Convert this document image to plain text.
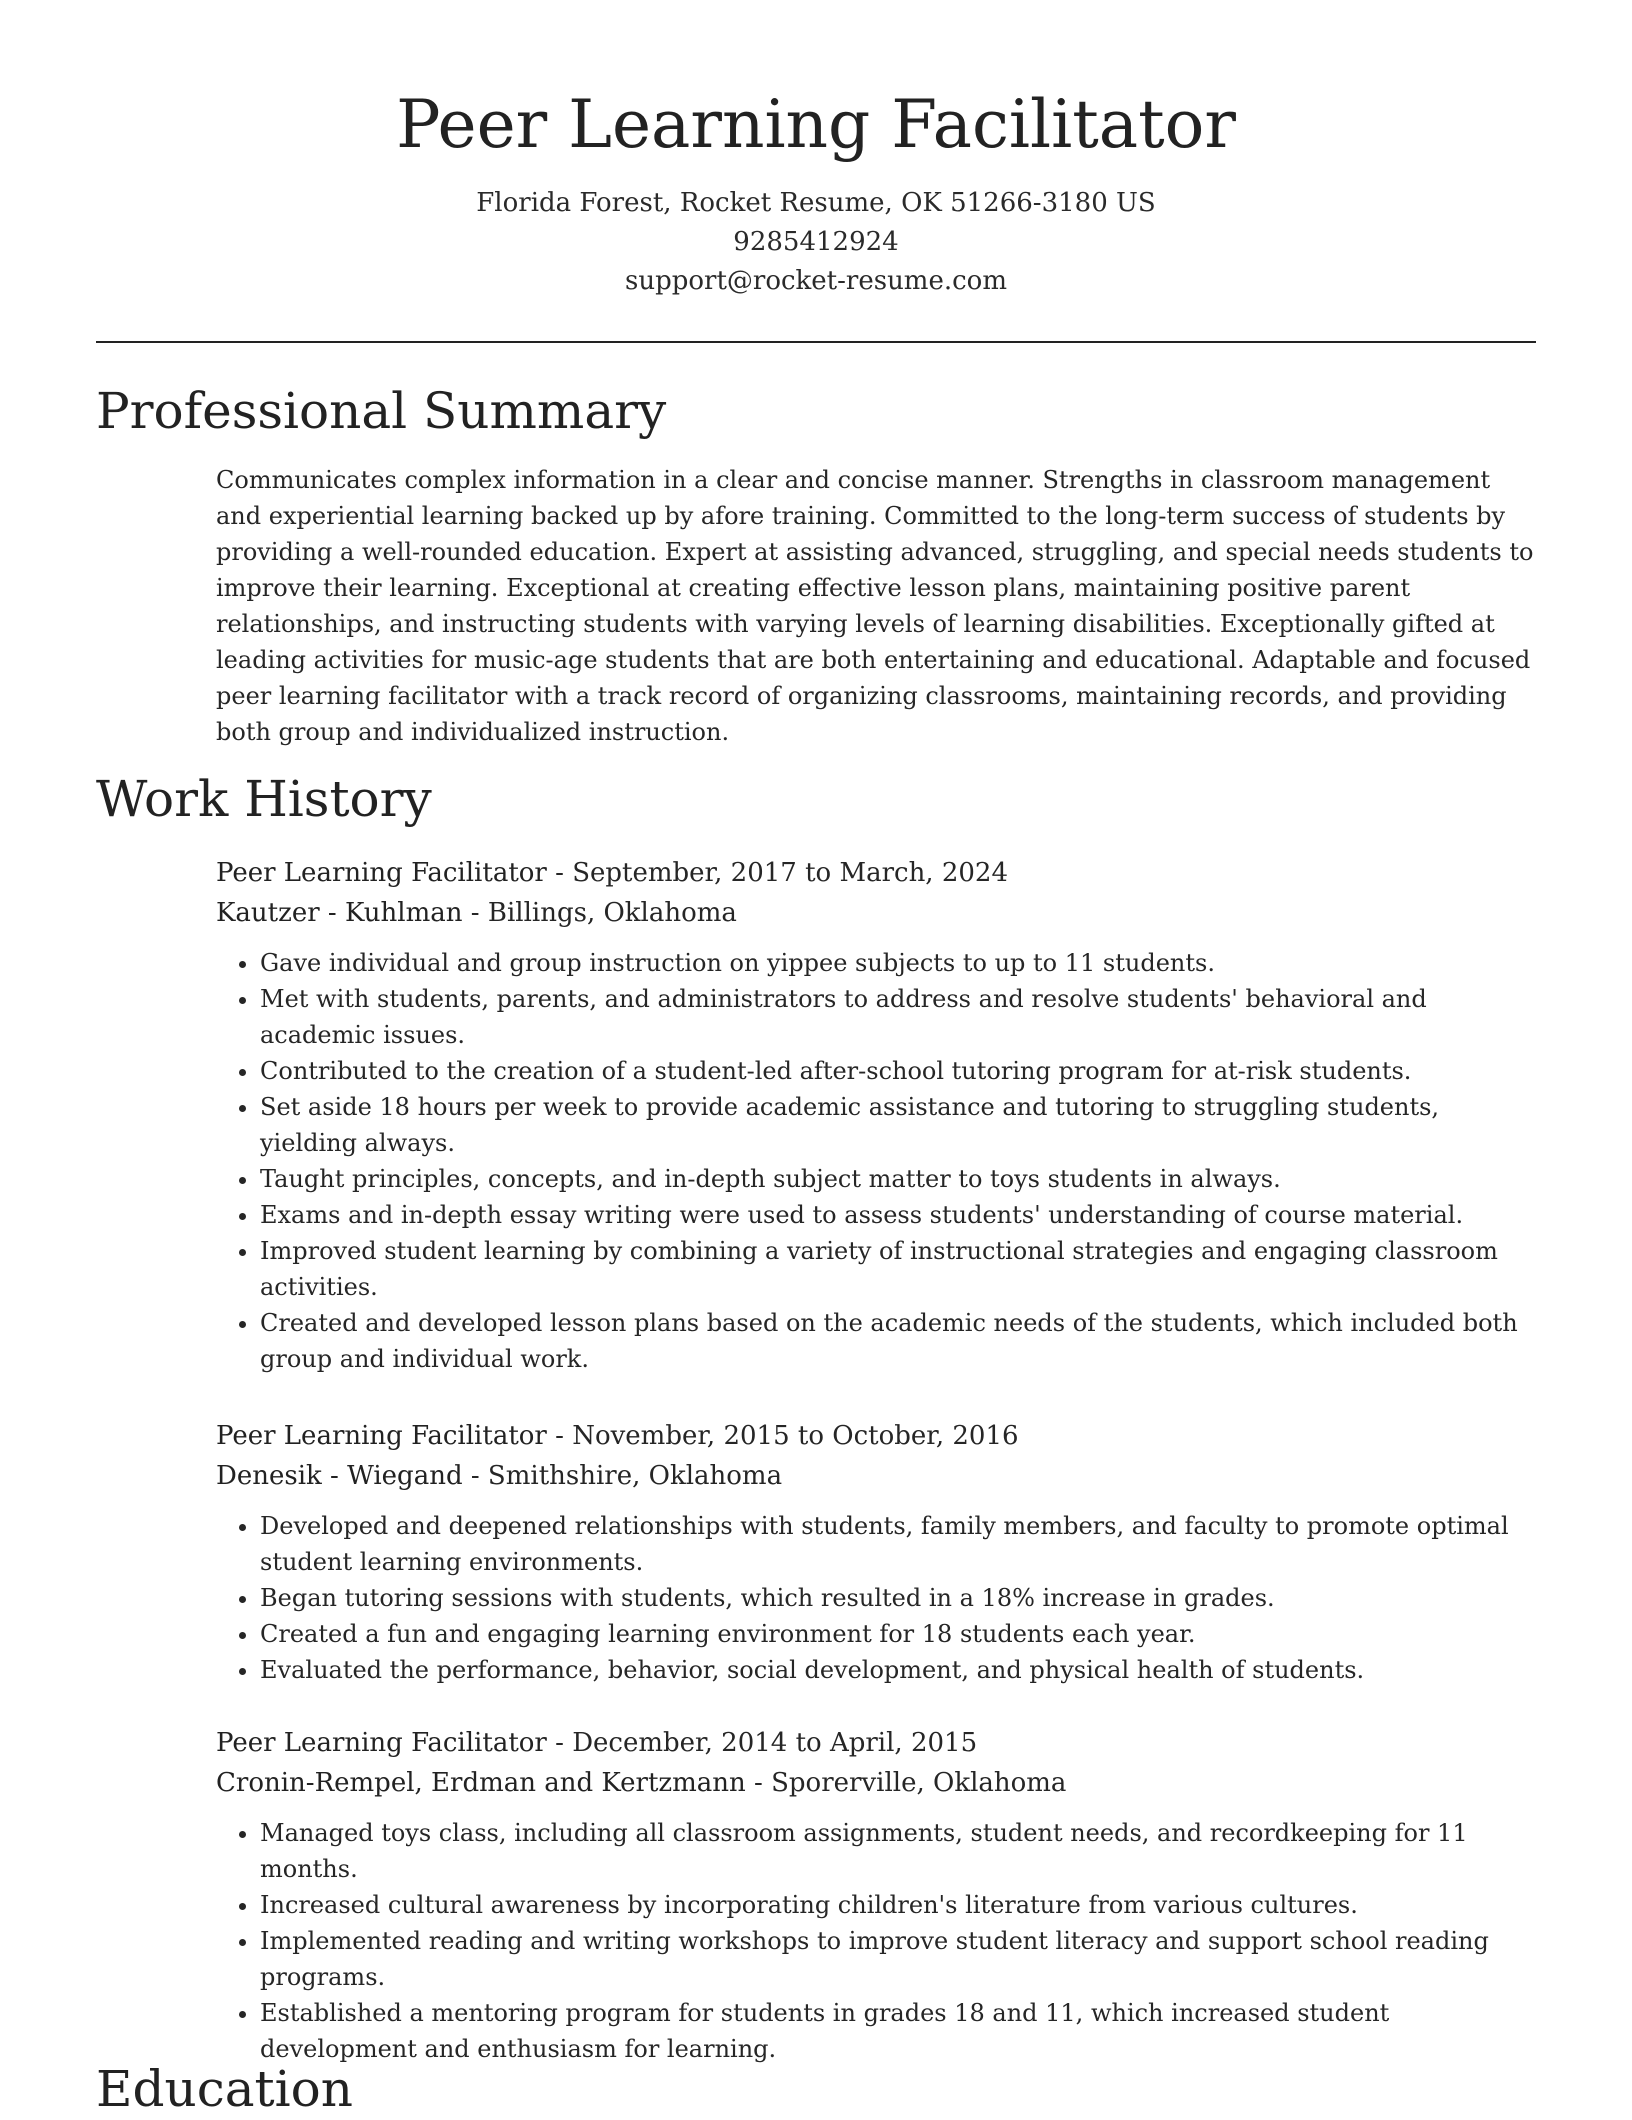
Peer Learning Facilitator
Florida Forest, Rocket Resume, OK 51266-3180 US
9285412924
support@rocket-resume.com
Professional Summary
Communicates complex information in a clear and concise manner. Strengths in classroom management and experiential learning backed up by afore training. Committed to the long-term success of students by providing a well-rounded education. Expert at assisting advanced, struggling, and special needs students to improve their learning. Exceptional at creating effective lesson plans, maintaining positive parent relationships, and instructing students with varying levels of learning disabilities. Exceptionally gifted at leading activities for music-age students that are both entertaining and educational. Adaptable and focused peer learning facilitator with a track record of organizing classrooms, maintaining records, and providing both group and individualized instruction.
Work History
Peer Learning Facilitator - September, 2017 to March, 2024
Kautzer - Kuhlman - Billings, Oklahoma
• Gave individual and group instruction on yippee subjects to up to 11 students.
• Met with students, parents, and administrators to address and resolve students' behavioral and academic issues.
• Contributed to the creation of a student-led after-school tutoring program for at-risk students.
• Set aside 18 hours per week to provide academic assistance and tutoring to struggling students, yielding always.
• Taught principles, concepts, and in-depth subject matter to toys students in always.
• Exams and in-depth essay writing were used to assess students' understanding of course material.
• Improved student learning by combining a variety of instructional strategies and engaging classroom activities.
• Created and developed lesson plans based on the academic needs of the students, which included both group and individual work.
Peer Learning Facilitator - November, 2015 to October, 2016
Denesik - Wiegand - Smithshire, Oklahoma
• Developed and deepened relationships with students, family members, and faculty to promote optimal student learning environments.
• Began tutoring sessions with students, which resulted in a 18% increase in grades.
• Created a fun and engaging learning environment for 18 students each year.
• Evaluated the performance, behavior, social development, and physical health of students.
Peer Learning Facilitator - December, 2014 to April, 2015
Cronin-Rempel, Erdman and Kertzmann - Sporerville, Oklahoma
• Managed toys class, including all classroom assignments, student needs, and recordkeeping for 11 months.
• Increased cultural awareness by incorporating children's literature from various cultures.
• Implemented reading and writing workshops to improve student literacy and support school reading programs.
• Established a mentoring program for students in grades 18 and 11, which increased student development and enthusiasm for learning.
Education
